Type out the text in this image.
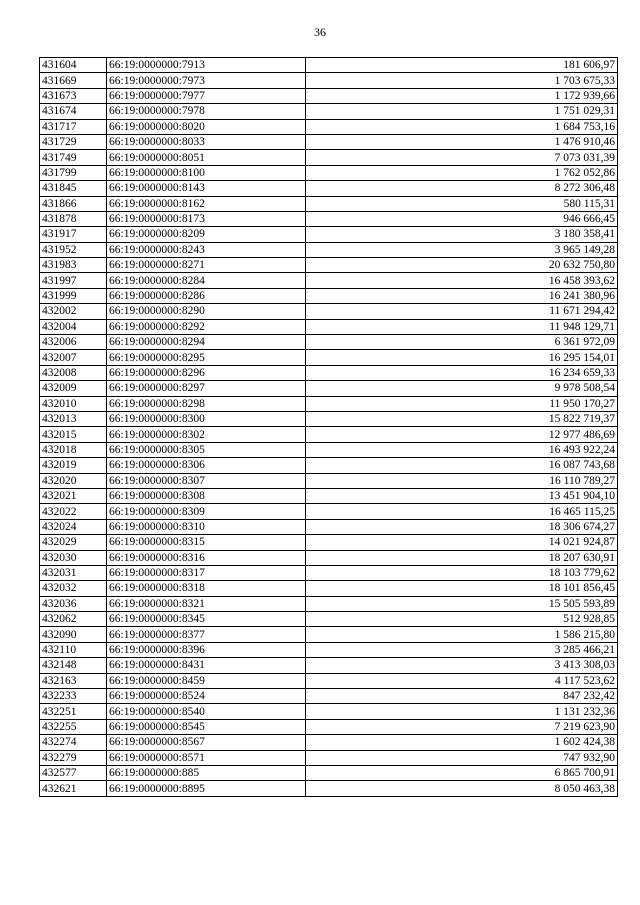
36
431604	66:19:0000000:7913	181 606,97
431669	66:19:0000000:7973	1 703 675,33
431673	66:19:0000000:7977	1 172 939,66
431674	66:19:0000000:7978	1 751 029,31
431717	66:19:0000000:8020	1 684 753,16
431729	66:19:0000000:8033	1 476 910,46
431749	66:19:0000000:8051	7 073 031,39
431799	66:19:0000000:8100	1 762 052,86
431845	66:19:0000000:8143	8 272 306,48
431866	66:19:0000000:8162	580 115,31
431878	66:19:0000000:8173	946 666,45
431917	66:19:0000000:8209	3 180 358,41
431952	66:19:0000000:8243	3 965 149,28
431983	66:19:0000000:8271	20 632 750,80
431997	66:19:0000000:8284	16 458 393,62
431999	66:19:0000000:8286	16 241 380,96
432002	66:19:0000000:8290	11 671 294,42
432004	66:19:0000000:8292	11 948 129,71
432006	66:19:0000000:8294	6 361 972,09
432007	66:19:0000000:8295	16 295 154,01
432008	66:19:0000000:8296	16 234 659,33
432009	66:19:0000000:8297	9 978 508,54
432010	66:19:0000000:8298	11 950 170,27
432013	66:19:0000000:8300	15 822 719,37
432015	66:19:0000000:8302	12 977 486,69
432018	66:19:0000000:8305	16 493 922,24
432019	66:19:0000000:8306	16 087 743,68
432020	66:19:0000000:8307	16 110 789,27
432021	66:19:0000000:8308	13 451 904,10
432022	66:19:0000000:8309	16 465 115,25
432024	66:19:0000000:8310	18 306 674,27
432029	66:19:0000000:8315	14 021 924,87
432030	66:19:0000000:8316	18 207 630,91
432031	66:19:0000000:8317	18 103 779,62
432032	66:19:0000000:8318	18 101 856,45
432036	66:19:0000000:8321	15 505 593,89
432062	66:19:0000000:8345	512 928,85
432090	66:19:0000000:8377	1 586 215,80
432110	66:19:0000000:8396	3 285 466,21
432148	66:19:0000000:8431	3 413 308,03
432163	66:19:0000000:8459	4 117 523,62
432233	66:19:0000000:8524	847 232,42
432251	66:19:0000000:8540	1 131 232,36
432255	66:19:0000000:8545	7 219 623,90
432274	66:19:0000000:8567	1 602 424,38
432279	66:19:0000000:8571	747 932,90
432577	66:19:0000000:885	6 865 700,91
432621	66:19:0000000:8895	8 050 463,38
